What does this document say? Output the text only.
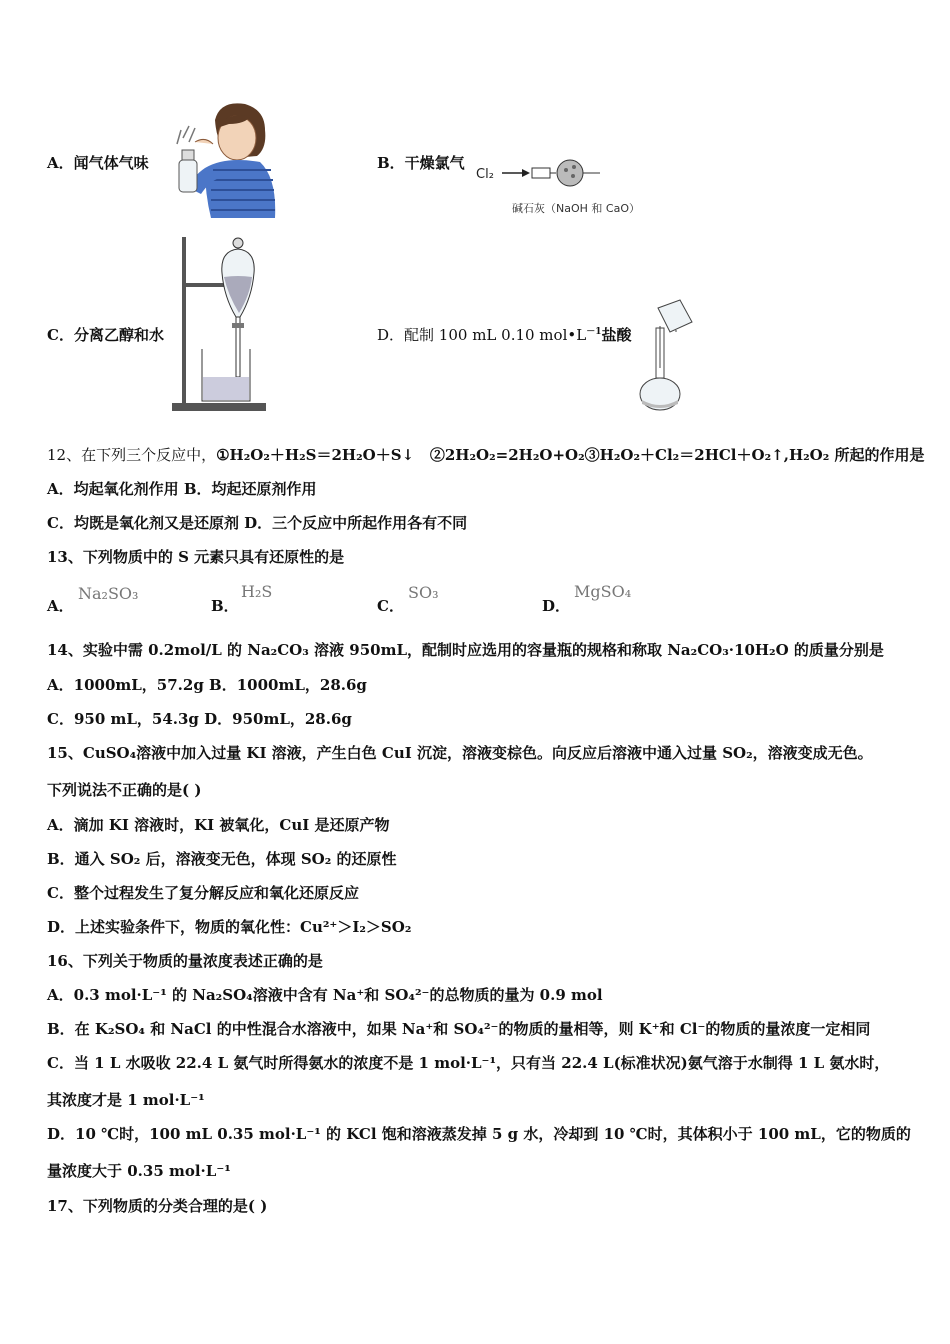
A．闻气体气味	B．干燥氯气
Cl₂
碱石灰（NaOH 和 CaO）
C．分离乙醇和水	D．配制 100 mL 0.10 $mol•L^{-1}$盐酸
12、在下列三个反应中，①H₂O₂＋H₂S＝2H₂O＋S↓ ②2H₂O₂=2H₂O+O₂③H₂O₂＋Cl₂＝2HCl＋O₂↑,H₂O₂ 所起的作用是
A．均起氧化剂作用 B．均起还原剂作用
C．均既是氧化剂又是还原剂 D．三个反应中所起作用各有不同
13、下列物质中的 S 元素只具有还原性的是
A．
Na₂SO₃
B．
H₂S
C．
SO₃
D．
MgSO₄
14、实验中需 0.2mol/L 的 Na₂CO₃ 溶液 950mL，配制时应选用的容量瓶的规格和称取 Na₂CO₃·10H₂O 的质量分别是
A．1000mL，57.2g B．1000mL，28.6g
C．950 mL，54.3g D．950mL，28.6g
15、CuSO₄溶液中加入过量 KI 溶液，产生白色 CuI 沉淀，溶液变棕色。向反应后溶液中通入过量 SO₂，溶液变成无色。
下列说法不正确的是( )
A．滴加 KI 溶液时，KI 被氧化，CuI 是还原产物
B．通入 SO₂ 后，溶液变无色，体现 SO₂ 的还原性
C．整个过程发生了复分解反应和氧化还原反应
D．上述实验条件下，物质的氧化性：Cu²⁺＞I₂＞SO₂
16、下列关于物质的量浓度表述正确的是
A．0.3 mol·L⁻¹ 的 Na₂SO₄溶液中含有 Na⁺和 SO₄²⁻的总物质的量为 0.9 mol
B．在 K₂SO₄ 和 NaCl 的中性混合水溶液中，如果 Na⁺和 SO₄²⁻的物质的量相等，则 K⁺和 Cl⁻的物质的量浓度一定相同
C．当 1 L 水吸收 22.4 L 氨气时所得氨水的浓度不是 1 mol·L⁻¹，只有当 22.4 L(标准状况)氨气溶于水制得 1 L 氨水时，
其浓度才是 1 mol·L⁻¹
D．10 ℃时，100 mL 0.35 mol·L⁻¹ 的 KCl 饱和溶液蒸发掉 5 g 水，冷却到 10 ℃时，其体积小于 100 mL，它的物质的
量浓度大于 0.35 mol·L⁻¹
17、下列物质的分类合理的是( )
